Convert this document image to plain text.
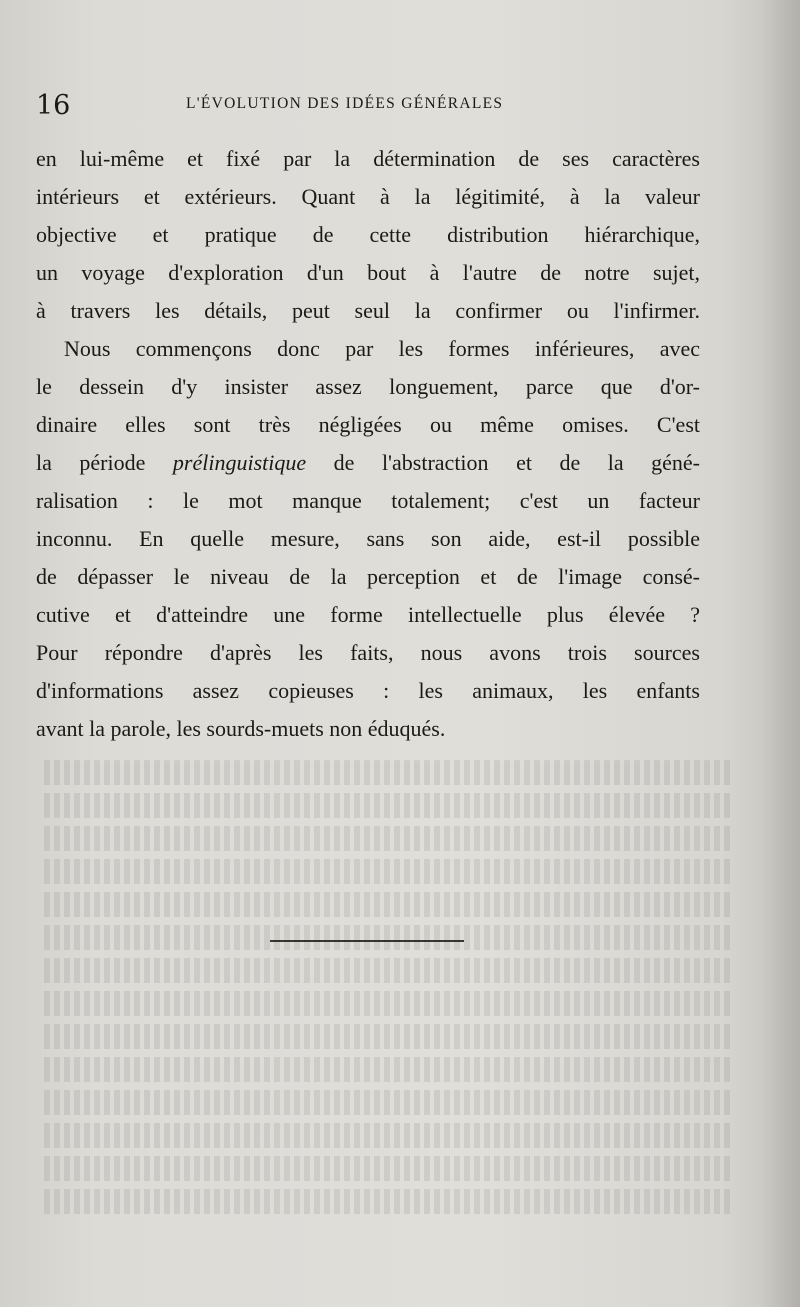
16	L'ÉVOLUTION DES IDÉES GÉNÉRALES
en lui-même et fixé par la détermination de ses caractères
intérieurs et extérieurs. Quant à la légitimité, à la valeur
objective et pratique de cette distribution hiérarchique,
un voyage d'exploration d'un bout à l'autre de notre sujet,
à travers les détails, peut seul la confirmer ou l'infirmer.
Nous commençons donc par les formes inférieures, avec
le dessein d'y insister assez longuement, parce que d'or-
dinaire elles sont très négligées ou même omises. C'est
la période prélinguistique de l'abstraction et de la géné-
ralisation : le mot manque totalement; c'est un facteur
inconnu. En quelle mesure, sans son aide, est-il possible
de dépasser le niveau de la perception et de l'image consé-
cutive et d'atteindre une forme intellectuelle plus élevée ?
Pour répondre d'après les faits, nous avons trois sources
d'informations assez copieuses : les animaux, les enfants
avant la parole, les sourds-muets non éduqués.
